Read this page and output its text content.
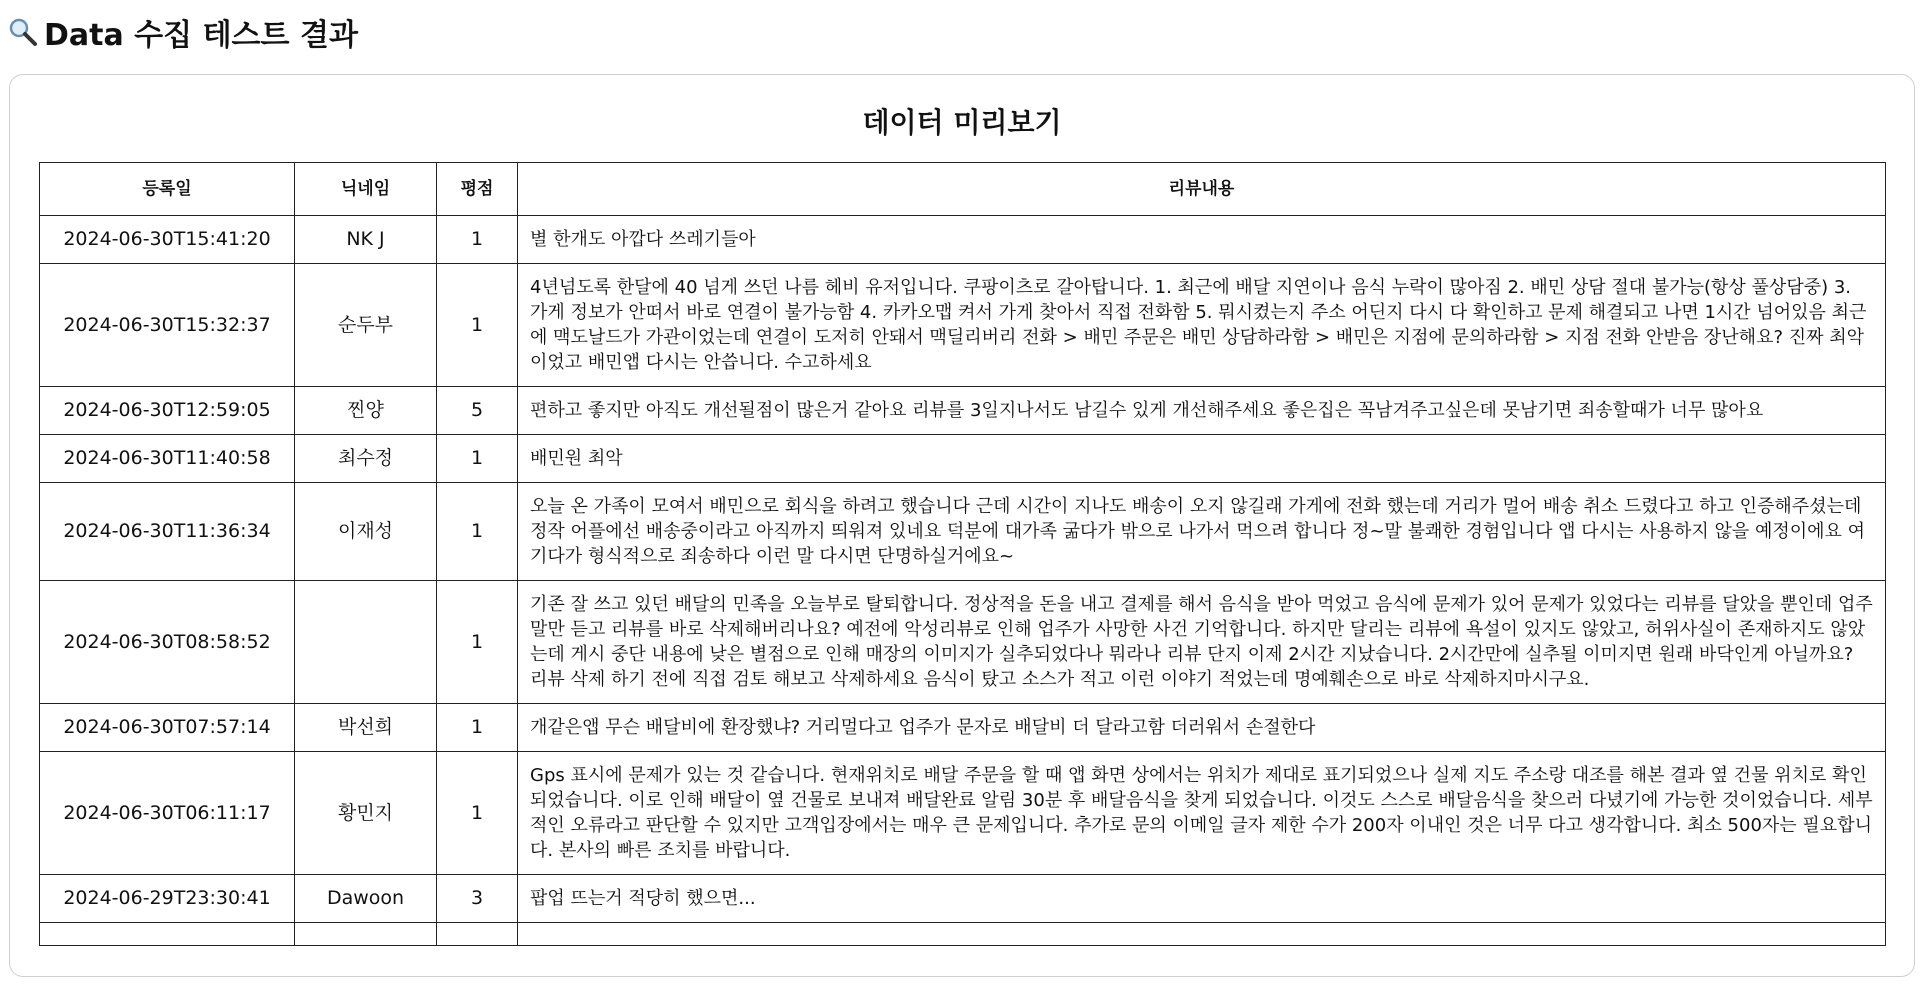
Data 수집 테스트 결과
데이터 미리보기
등록일	닉네임	평점	리뷰내용
2024-06-30T15:41:20	NK J	1	별 한개도 아깝다 쓰레기들아
2024-06-30T15:32:37	순두부	1	4년넘도록 한달에 40 넘게 쓰던 나름 헤비 유저입니다. 쿠팡이츠로 갈아탑니다. 1. 최근에 배달 지연이나 음식 누락이 많아짐 2. 배민 상담 절대 불가능(항상 풀상담중) 3. 가게 정보가 안떠서 바로 연결이 불가능함 4. 카카오맵 켜서 가게 찾아서 직접 전화함 5. 뭐시켰는지 주소 어딘지 다시 다 확인하고 문제 해결되고 나면 1시간 넘어있음 최근에 맥도날드가 가관이었는데 연결이 도저히 안돼서 맥딜리버리 전화 > 배민 주문은 배민 상담하라함 > 배민은 지점에 문의하라함 > 지점 전화 안받음 장난해요? 진짜 최악이었고 배민앱 다시는 안씁니다. 수고하세요
2024-06-30T12:59:05	찐양	5	편하고 좋지만 아직도 개선될점이 많은거 같아요 리뷰를 3일지나서도 남길수 있게 개선해주세요 좋은집은 꼭남겨주고싶은데 못남기면 죄송할때가 너무 많아요
2024-06-30T11:40:58	최수정	1	배민원 최악
2024-06-30T11:36:34	이재성	1	오늘 온 가족이 모여서 배민으로 회식을 하려고 했습니다 근데 시간이 지나도 배송이 오지 않길래 가게에 전화 했는데 거리가 멀어 배송 취소 드렸다고 하고 인증해주셨는데 정작 어플에선 배송중이라고 아직까지 띄워져 있네요 덕분에 대가족 굶다가 밖으로 나가서 먹으려 합니다 정~말 불쾌한 경험입니다 앱 다시는 사용하지 않을 예정이에요 여기다가 형식적으로 죄송하다 이런 말 다시면 단명하실거에요~
2024-06-30T08:58:52		1	기존 잘 쓰고 있던 배달의 민족을 오늘부로 탈퇴합니다. 정상적을 돈을 내고 결제를 해서 음식을 받아 먹었고 음식에 문제가 있어 문제가 있었다는 리뷰를 달았을 뿐인데 업주 말만 듣고 리뷰를 바로 삭제해버리나요? 예전에 악성리뷰로 인해 업주가 사망한 사건 기억합니다. 하지만 달리는 리뷰에 욕설이 있지도 않았고, 허위사실이 존재하지도 않았는데 게시 중단 내용에 낮은 별점으로 인해 매장의 이미지가 실추되었다나 뭐라나 리뷰 단지 이제 2시간 지났습니다. 2시간만에 실추될 이미지면 원래 바닥인게 아닐까요? 리뷰 삭제 하기 전에 직접 검토 해보고 삭제하세요 음식이 탔고 소스가 적고 이런 이야기 적었는데 명예훼손으로 바로 삭제하지마시구요.
2024-06-30T07:57:14	박선희	1	개같은앱 무슨 배달비에 환장했냐? 거리멀다고 업주가 문자로 배달비 더 달라고함 더러워서 손절한다
2024-06-30T06:11:17	황민지	1	Gps 표시에 문제가 있는 것 같습니다. 현재위치로 배달 주문을 할 때 앱 화면 상에서는 위치가 제대로 표기되었으나 실제 지도 주소랑 대조를 해본 결과 옆 건물 위치로 확인 되었습니다. 이로 인해 배달이 옆 건물로 보내져 배달완료 알림 30분 후 배달음식을 찾게 되었습니다. 이것도 스스로 배달음식을 찾으러 다녔기에 가능한 것이었습니다. 세부적인 오류라고 판단할 수 있지만 고객입장에서는 매우 큰 문제입니다. 추가로 문의 이메일 글자 제한 수가 200자 이내인 것은 너무 다고 생각합니다. 최소 500자는 필요합니다. 본사의 빠른 조치를 바랍니다.
2024-06-29T23:30:41	Dawoon	3	팝업 뜨는거 적당히 했으면...
